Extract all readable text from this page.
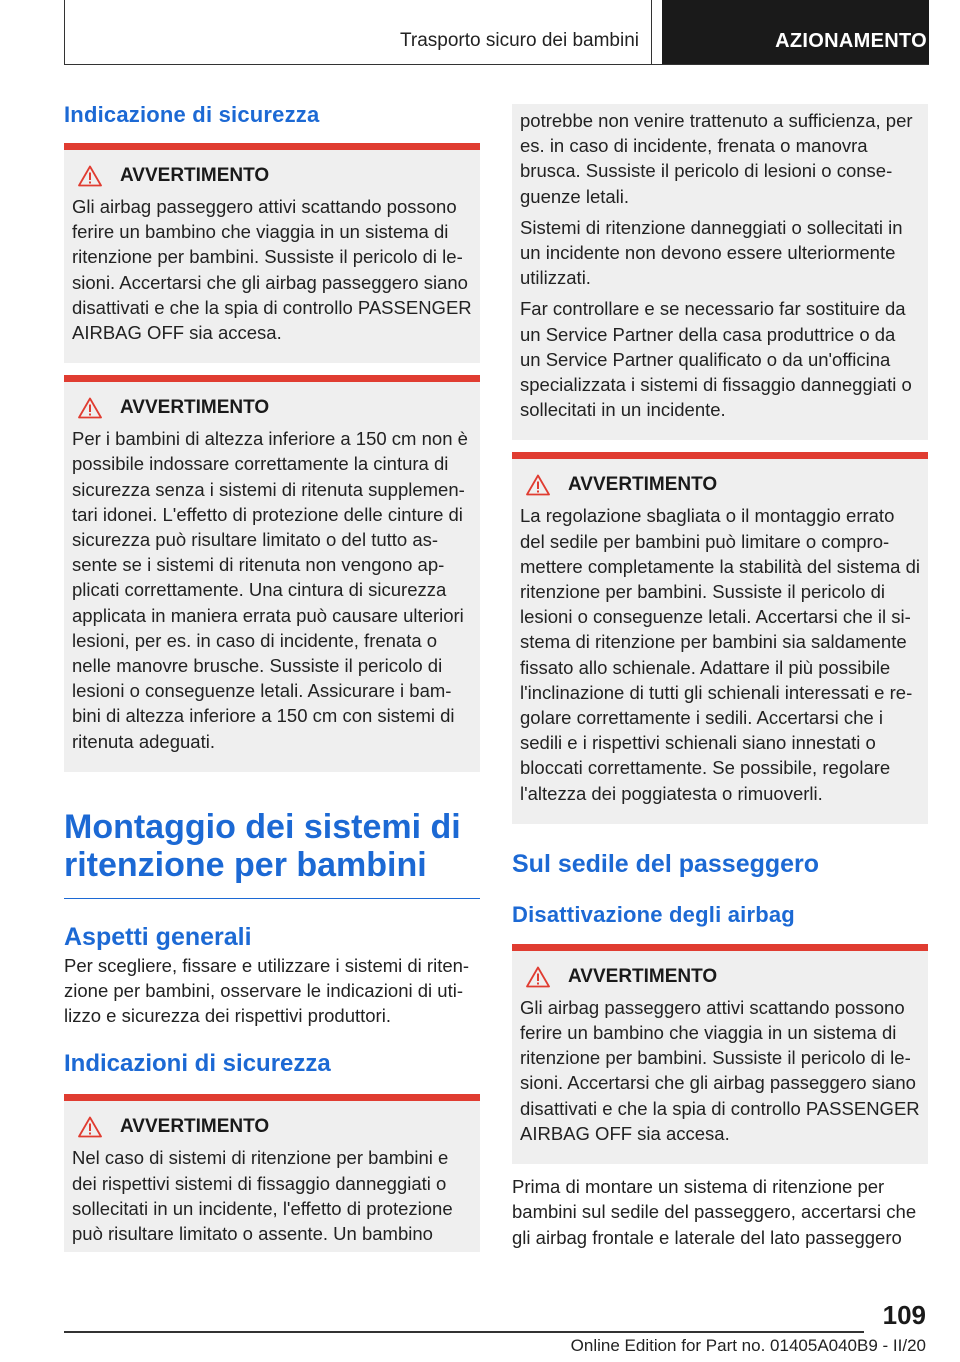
Trasporto sicuro dei bambini	AZIONAMENTO
Indicazione di sicurezza
AVVERTIMENTO

Gli airbag passeggero attivi scattando possono ferire un bambino che viaggia in un sistema di ritenzione per bambini. Sussiste il pericolo di lesioni. Accertarsi che gli airbag passeggero siano disattivati e che la spia di controllo PASSENGER AIRBAG OFF sia accesa.

AVVERTIMENTO

Per i bambini di altezza inferiore a 150 cm non è possibile indossare correttamente la cintura di sicurezza senza i sistemi di ritenuta supplementari idonei. L'effetto di protezione delle cinture di sicurezza può risultare limitato o del tutto assente se i sistemi di ritenuta non vengono applicati correttamente. Una cintura di sicurezza applicata in maniera errata può causare ulteriori lesioni, per es. in caso di incidente, frenata o nelle manovre brusche. Sussiste il pericolo di lesioni o conseguenze letali. Assicurare i bambini di altezza inferiore a 150 cm con sistemi di ritenuta adeguati.

Montaggio dei sistemi di ritenzione per bambini
Aspetti generali

Per scegliere, fissare e utilizzare i sistemi di ritenzione per bambini, osservare le indicazioni di utilizzo e sicurezza dei rispettivi produttori.

Indicazioni di sicurezza
AVVERTIMENTO

Nel caso di sistemi di ritenzione per bambini e dei rispettivi sistemi di fissaggio danneggiati o sollecitati in un incidente, l'effetto di protezione può risultare limitato o assente. Un bambino

potrebbe non venire trattenuto a sufficienza, per es. in caso di incidente, frenata o manovra brusca. Sussiste il pericolo di lesioni o conseguenze letali.

Sistemi di ritenzione danneggiati o sollecitati in un incidente non devono essere ulteriormente utilizzati.

Far controllare e se necessario far sostituire da un Service Partner della casa produttrice o da un Service Partner qualificato o da un'officina specializzata i sistemi di fissaggio danneggiati o sollecitati in un incidente.

AVVERTIMENTO

La regolazione sbagliata o il montaggio errato del sedile per bambini può limitare o compromettere completamente la stabilità del sistema di ritenzione per bambini. Sussiste il pericolo di lesioni o conseguenze letali. Accertarsi che il sistema di ritenzione per bambini sia saldamente fissato allo schienale. Adattare il più possibile l'inclinazione di tutti gli schienali interessati e regolare correttamente i sedili. Accertarsi che i sedili e i rispettivi schienali siano innestati o bloccati correttamente. Se possibile, regolare l'altezza dei poggiatesta o rimuoverli.

Sul sedile del passeggero
Disattivazione degli airbag
AVVERTIMENTO

Gli airbag passeggero attivi scattando possono ferire un bambino che viaggia in un sistema di ritenzione per bambini. Sussiste il pericolo di lesioni. Accertarsi che gli airbag passeggero siano disattivati e che la spia di controllo PASSENGER AIRBAG OFF sia accesa.

Prima di montare un sistema di ritenzione per bambini sul sedile del passeggero, accertarsi che gli airbag frontale e laterale del lato passeggero

109
Online Edition for Part no. 01405A040B9 - II/20
